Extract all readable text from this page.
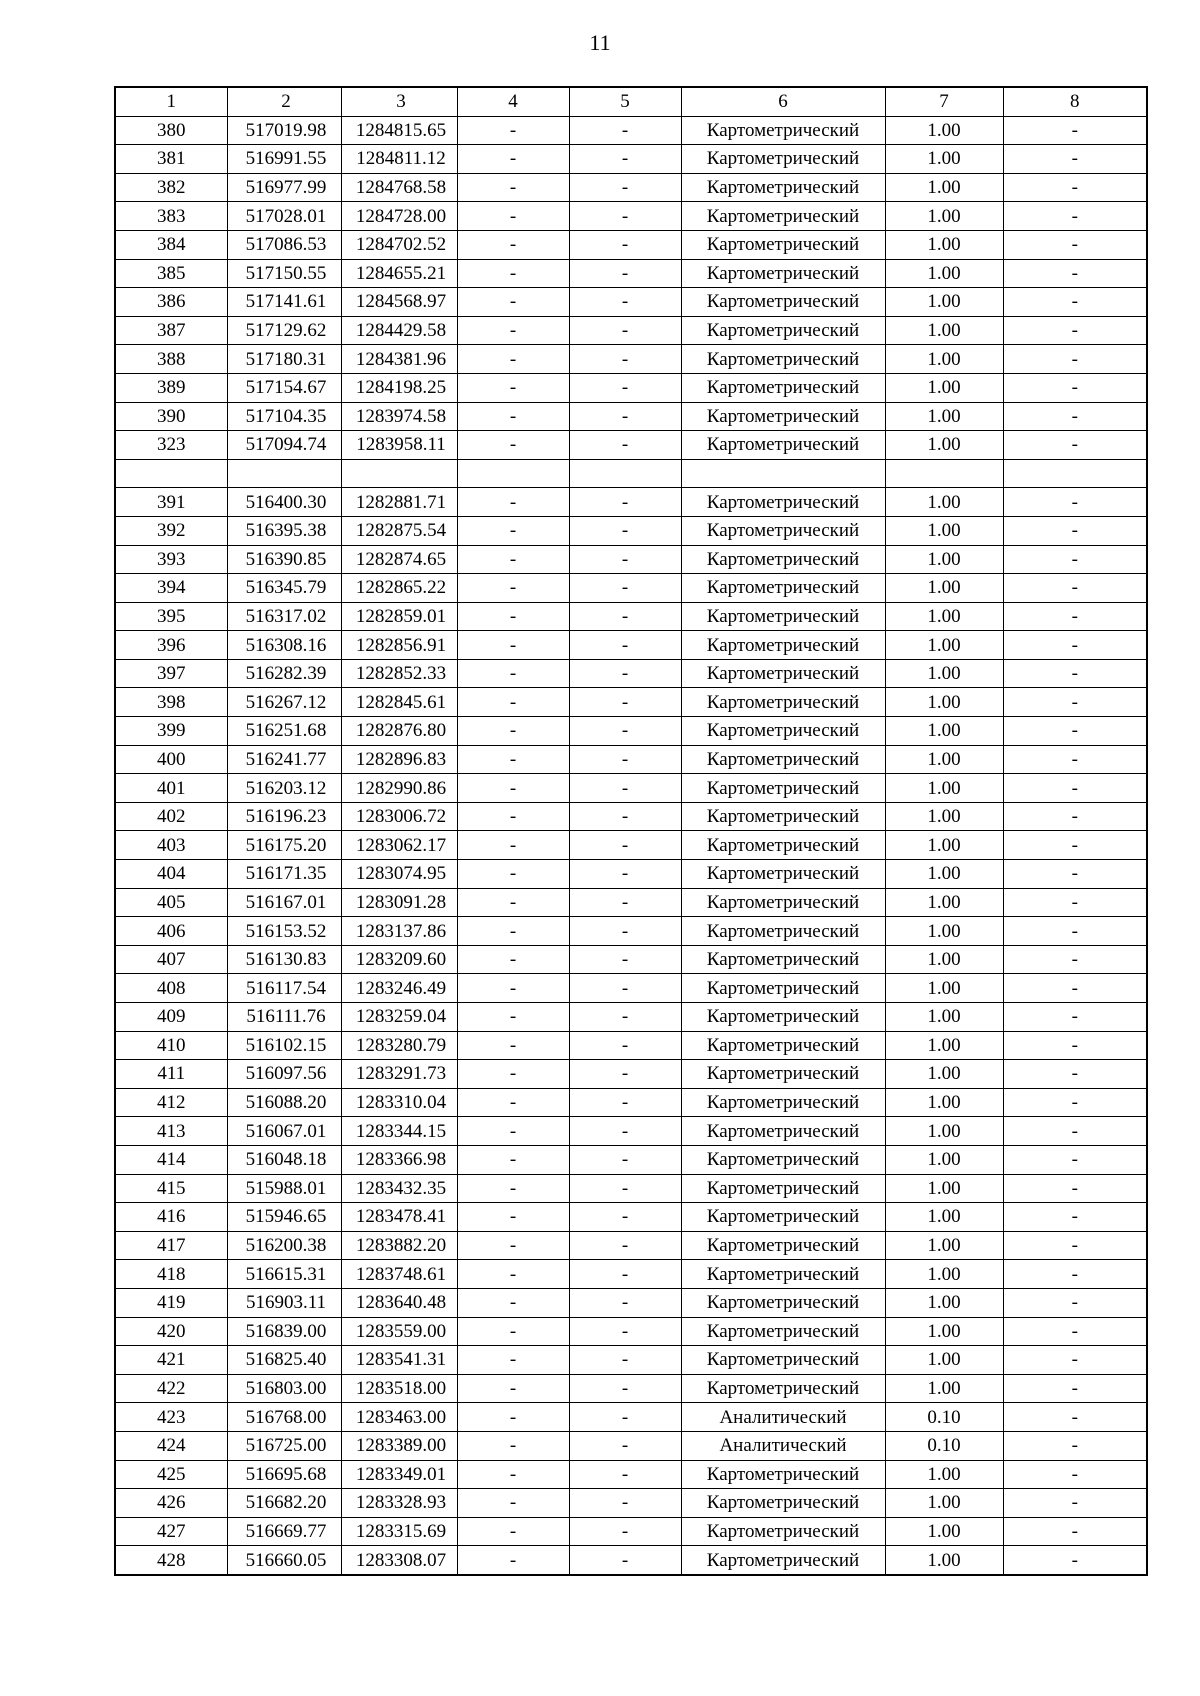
11
1	2	3	4	5	6	7	8
380	517019.98	1284815.65	-	-	Картометрический	1.00	-
381	516991.55	1284811.12	-	-	Картометрический	1.00	-
382	516977.99	1284768.58	-	-	Картометрический	1.00	-
383	517028.01	1284728.00	-	-	Картометрический	1.00	-
384	517086.53	1284702.52	-	-	Картометрический	1.00	-
385	517150.55	1284655.21	-	-	Картометрический	1.00	-
386	517141.61	1284568.97	-	-	Картометрический	1.00	-
387	517129.62	1284429.58	-	-	Картометрический	1.00	-
388	517180.31	1284381.96	-	-	Картометрический	1.00	-
389	517154.67	1284198.25	-	-	Картометрический	1.00	-
390	517104.35	1283974.58	-	-	Картометрический	1.00	-
323	517094.74	1283958.11	-	-	Картометрический	1.00	-

391	516400.30	1282881.71	-	-	Картометрический	1.00	-
392	516395.38	1282875.54	-	-	Картометрический	1.00	-
393	516390.85	1282874.65	-	-	Картометрический	1.00	-
394	516345.79	1282865.22	-	-	Картометрический	1.00	-
395	516317.02	1282859.01	-	-	Картометрический	1.00	-
396	516308.16	1282856.91	-	-	Картометрический	1.00	-
397	516282.39	1282852.33	-	-	Картометрический	1.00	-
398	516267.12	1282845.61	-	-	Картометрический	1.00	-
399	516251.68	1282876.80	-	-	Картометрический	1.00	-
400	516241.77	1282896.83	-	-	Картометрический	1.00	-
401	516203.12	1282990.86	-	-	Картометрический	1.00	-
402	516196.23	1283006.72	-	-	Картометрический	1.00	-
403	516175.20	1283062.17	-	-	Картометрический	1.00	-
404	516171.35	1283074.95	-	-	Картометрический	1.00	-
405	516167.01	1283091.28	-	-	Картометрический	1.00	-
406	516153.52	1283137.86	-	-	Картометрический	1.00	-
407	516130.83	1283209.60	-	-	Картометрический	1.00	-
408	516117.54	1283246.49	-	-	Картометрический	1.00	-
409	516111.76	1283259.04	-	-	Картометрический	1.00	-
410	516102.15	1283280.79	-	-	Картометрический	1.00	-
411	516097.56	1283291.73	-	-	Картометрический	1.00	-
412	516088.20	1283310.04	-	-	Картометрический	1.00	-
413	516067.01	1283344.15	-	-	Картометрический	1.00	-
414	516048.18	1283366.98	-	-	Картометрический	1.00	-
415	515988.01	1283432.35	-	-	Картометрический	1.00	-
416	515946.65	1283478.41	-	-	Картометрический	1.00	-
417	516200.38	1283882.20	-	-	Картометрический	1.00	-
418	516615.31	1283748.61	-	-	Картометрический	1.00	-
419	516903.11	1283640.48	-	-	Картометрический	1.00	-
420	516839.00	1283559.00	-	-	Картометрический	1.00	-
421	516825.40	1283541.31	-	-	Картометрический	1.00	-
422	516803.00	1283518.00	-	-	Картометрический	1.00	-
423	516768.00	1283463.00	-	-	Аналитический	0.10	-
424	516725.00	1283389.00	-	-	Аналитический	0.10	-
425	516695.68	1283349.01	-	-	Картометрический	1.00	-
426	516682.20	1283328.93	-	-	Картометрический	1.00	-
427	516669.77	1283315.69	-	-	Картометрический	1.00	-
428	516660.05	1283308.07	-	-	Картометрический	1.00	-
